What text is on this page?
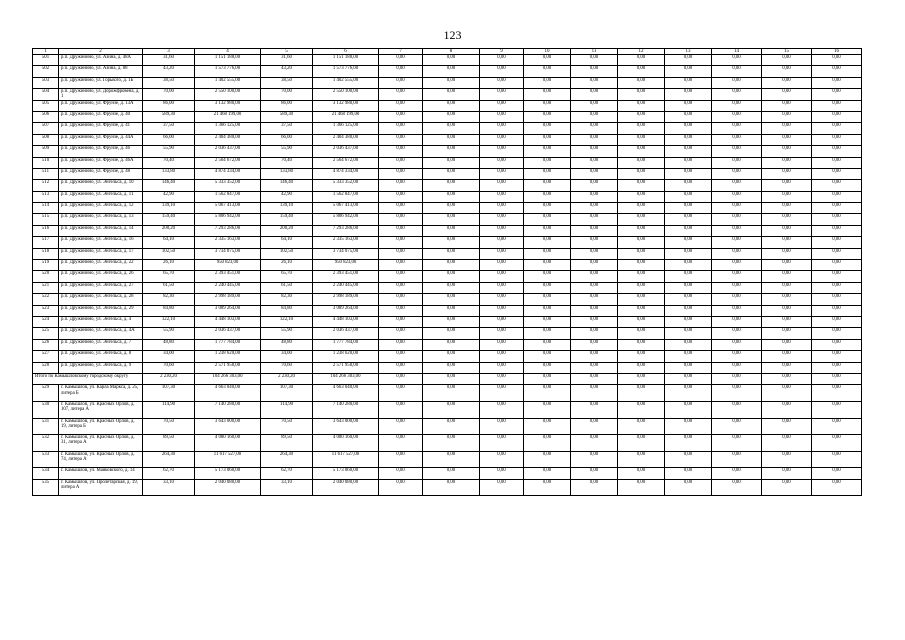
123
1	2	3	4	5	6	7	8	9	10	11	12	13	14	15	16
501	р.п. Дружинино, ул. Азина, д. 48А	31,60	1 151 188,00	31,60	1 151 188,00	0,00	0,00	0,00	0,00	0,00	0,00	0,00	0,00	0,00	0,00
502	р.п. Дружинино, ул. Азина, д. 88	43,20	1 573 776,00	43,20	1 573 776,00	0,00	0,00	0,00	0,00	0,00	0,00	0,00	0,00	0,00	0,00
503	р.п. Дружинино, ул. Горького, д. 1Б	38,50	1 402 555,00	38,50	1 402 555,00	0,00	0,00	0,00	0,00	0,00	0,00	0,00	0,00	0,00	0,00
504	р.п. Дружинино, ул. Дорожфровена, д. 1	70,00	2 550 100,00	70,00	2 550 100,00	0,00	0,00	0,00	0,00	0,00	0,00	0,00	0,00	0,00	0,00
505	р.п. Дружинино, ул. Фрунзе, д. 13А	86,00	3 132 980,00	86,00	3 132 980,00	0,00	0,00	0,00	0,00	0,00	0,00	0,00	0,00	0,00	0,00
506	р.п. Дружинино, ул. Фрунзе, д. 40	589,30	21 468 199,00	589,30	21 468 199,00	0,00	0,00	0,00	0,00	0,00	0,00	0,00	0,00	0,00	0,00
507	р.п. Дружинино, ул. Фрунзе, д. 41	37,50	1 366 125,00	37,50	1 366 125,00	0,00	0,00	0,00	0,00	0,00	0,00	0,00	0,00	0,00	0,00
508	р.п. Дружинино, ул. Фрунзе, д. 44А	66,00	2 404 380,00	66,00	2 404 380,00	0,00	0,00	0,00	0,00	0,00	0,00	0,00	0,00	0,00	0,00
509	р.п. Дружинино, ул. Фрунзе, д. 46	55,90	2 036 437,00	55,90	2 036 437,00	0,00	0,00	0,00	0,00	0,00	0,00	0,00	0,00	0,00	0,00
510	р.п. Дружинино, ул. Фрунзе, д. 46А	70,40	2 564 672,00	70,40	2 564 672,00	0,00	0,00	0,00	0,00	0,00	0,00	0,00	0,00	0,00	0,00
511	р.п. Дружинино, ул. Фрунзе, д. 48	133,80	4 874 334,00	133,80	4 874 334,00	0,00	0,00	0,00	0,00	0,00	0,00	0,00	0,00	0,00	0,00
512	р.п. Дружинино, ул. Энгельса, д. 10	146,40	5 333 352,00	146,40	5 333 352,00	0,00	0,00	0,00	0,00	0,00	0,00	0,00	0,00	0,00	0,00
513	р.п. Дружинино, ул. Энгельса, д. 11	42,90	1 562 847,00	42,90	1 562 847,00	0,00	0,00	0,00	0,00	0,00	0,00	0,00	0,00	0,00	0,00
514	р.п. Дружинино, ул. Энгельса, д. 12	139,10	5 067 413,00	139,10	5 067 413,00	0,00	0,00	0,00	0,00	0,00	0,00	0,00	0,00	0,00	0,00
515	р.п. Дружинино, ул. Энгельса, д. 13	159,40	5 806 942,00	159,40	5 806 942,00	0,00	0,00	0,00	0,00	0,00	0,00	0,00	0,00	0,00	0,00
516	р.п. Дружинино, ул. Энгельса, д. 14	200,20	7 293 286,00	200,20	7 293 286,00	0,00	0,00	0,00	0,00	0,00	0,00	0,00	0,00	0,00	0,00
517	р.п. Дружинино, ул. Энгельса, д. 16	64,10	2 335 163,00	64,10	2 335 163,00	0,00	0,00	0,00	0,00	0,00	0,00	0,00	0,00	0,00	0,00
518	р.п. Дружинино, ул. Энгельса, д. 17	102,50	3 734 075,00	102,50	3 734 075,00	0,00	0,00	0,00	0,00	0,00	0,00	0,00	0,00	0,00	0,00
519	р.п. Дружинино, ул. Энгельса, д. 22	26,10	950 823,00	26,10	950 823,00	0,00	0,00	0,00	0,00	0,00	0,00	0,00	0,00	0,00	0,00
520	р.п. Дружинино, ул. Энгельса, д. 26	65,70	2 393 451,00	65,70	2 393 451,00	0,00	0,00	0,00	0,00	0,00	0,00	0,00	0,00	0,00	0,00
521	р.п. Дружинино, ул. Энгельса, д. 27	61,50	2 240 445,00	61,50	2 240 445,00	0,00	0,00	0,00	0,00	0,00	0,00	0,00	0,00	0,00	0,00
522	р.п. Дружинино, ул. Энгельса, д. 28	82,30	2 998 189,00	82,30	2 998 189,00	0,00	0,00	0,00	0,00	0,00	0,00	0,00	0,00	0,00	0,00
523	р.п. Дружинино, ул. Энгельса, д. 29	84,80	3 089 264,00	84,80	3 089 264,00	0,00	0,00	0,00	0,00	0,00	0,00	0,00	0,00	0,00	0,00
524	р.п. Дружинино, ул. Энгельса, д. 4	122,10	4 448 103,00	122,10	4 448 103,00	0,00	0,00	0,00	0,00	0,00	0,00	0,00	0,00	0,00	0,00
525	р.п. Дружинино, ул. Энгельса, д. 4А	55,90	2 036 437,00	55,90	2 036 437,00	0,00	0,00	0,00	0,00	0,00	0,00	0,00	0,00	0,00	0,00
526	р.п. Дружинино, ул. Энгельса, д. 7	48,80	1 777 784,00	48,80	1 777 784,00	0,00	0,00	0,00	0,00	0,00	0,00	0,00	0,00	0,00	0,00
527	р.п. Дружинино, ул. Энгельса, д. 8	34,00	1 238 620,00	34,00	1 238 620,00	0,00	0,00	0,00	0,00	0,00	0,00	0,00	0,00	0,00	0,00
528	р.п. Дружинино, ул. Энгельса, д. 9	70,60	2 571 958,00	70,60	2 571 958,00	0,00	0,00	0,00	0,00	0,00	0,00	0,00	0,00	0,00	0,00
Итого по Камышловскому городскому округу		2 230,20	104 266 303,00	2 230,20	104 266 303,00	0,00	0,00	0,00	0,00	0,00	0,00	0,00	0,00	0,00	0,00
529	г. Камышлов, ул. Карла Маркса, д. 25, литера Б	107,30	4 663 040,00	107,30	4 663 040,00	0,00	0,00	0,00	0,00	0,00	0,00	0,00	0,00	0,00	0,00
530	г. Камышлов, ул. Красных Орлов, д. 107, литера А	114,90	7 140 280,00	114,90	7 140 280,00	0,00	0,00	0,00	0,00	0,00	0,00	0,00	0,00	0,00	0,00
531	г. Камышлов, ул. Красных Орлов, д. 19, литера Б	70,50	3 643 000,00	70,50	3 643 000,00	0,00	0,00	0,00	0,00	0,00	0,00	0,00	0,00	0,00	0,00
532	г. Камышлов, ул. Красных Орлов, д. 31, литера А	89,50	4 080 160,00	89,50	4 080 160,00	0,00	0,00	0,00	0,00	0,00	0,00	0,00	0,00	0,00	0,00
533	г. Камышлов, ул. Красных Орлов, д. 74, литера А	264,30	11 617 527,00	264,30	11 617 527,00	0,00	0,00	0,00	0,00	0,00	0,00	0,00	0,00	0,00	0,00
534	г. Камышлов, ул. Маяковского, д. 14	62,70	5 173 060,00	62,70	5 173 060,00	0,00	0,00	0,00	0,00	0,00	0,00	0,00	0,00	0,00	0,00
535	г. Камышлов, ул. Пролетарская, д. 19, литера А	33,10	2 040 080,00	33,10	2 040 080,00	0,00	0,00	0,00	0,00	0,00	0,00	0,00	0,00	0,00	0,00
